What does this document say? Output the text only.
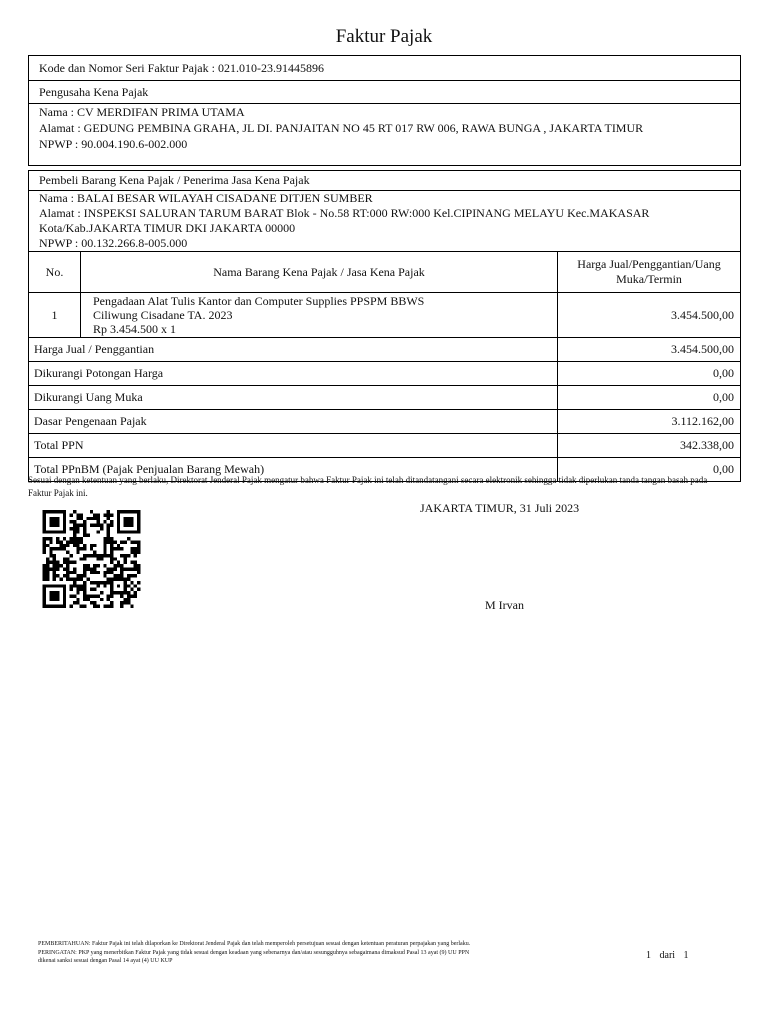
Faktur Pajak
Kode dan Nomor Seri Faktur Pajak : 021.010-23.91445896
Pengusaha Kena Pajak
Nama : CV MERDIFAN PRIMA UTAMA
Alamat : GEDUNG PEMBINA GRAHA, JL DI. PANJAITAN NO 45 RT 017 RW 006, RAWA BUNGA , JAKARTA TIMUR
NPWP : 90.004.190.6-002.000
Pembeli Barang Kena Pajak / Penerima Jasa Kena Pajak
Nama : BALAI BESAR WILAYAH CISADANE DITJEN SUMBER
Alamat : INSPEKSI SALURAN TARUM BARAT Blok - No.58 RT:000 RW:000 Kel.CIPINANG MELAYU Kec.MAKASAR
Kota/Kab.JAKARTA TIMUR DKI JAKARTA 00000
NPWP : 00.132.266.8-005.000
No.	Nama Barang Kena Pajak / Jasa Kena Pajak	Harga Jual/Penggantian/Uang Muka/Termin
1	Pengadaan Alat Tulis Kantor dan Computer Supplies PPSPM BBWS
Ciliwung Cisadane TA. 2023
Rp 3.454.500 x 1	3.454.500,00
Harga Jual / Penggantian		3.454.500,00
Dikurangi Potongan Harga		0,00
Dikurangi Uang Muka		0,00
Dasar Pengenaan Pajak		3.112.162,00
Total PPN		342.338,00
Total PPnBM (Pajak Penjualan Barang Mewah)		0,00
Sesuai dengan ketentuan yang berlaku, Direktorat Jenderal Pajak mengatur bahwa Faktur Pajak ini telah ditandatangani secara elektronik sehingga tidak diperlukan tanda tangan basah pada Faktur Pajak ini.
JAKARTA TIMUR, 31 Juli 2023
M Irvan
PEMBERITAHUAN: Faktur Pajak ini telah dilaporkan ke Direktorat Jenderal Pajak dan telah memperoleh persetujuan sesuai dengan ketentuan peraturan perpajakan yang berlaku. PERINGATAN: PKP yang menerbitkan Faktur Pajak yang tidak sesuai dengan keadaan yang sebenarnya dan/atau sesungguhnya sebagaimana dimaksud Pasal 13 ayat (9) UU PPN dikenai sanksi sesuai dengan Pasal 14 ayat (4) UU KUP	1 dari 1
